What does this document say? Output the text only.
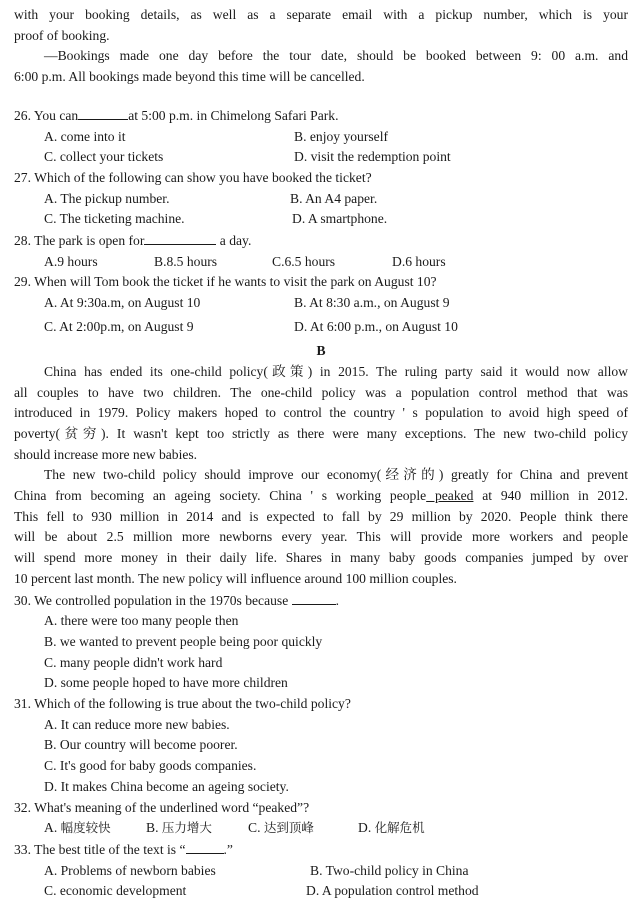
with your booking details, as well as a separate email with a pickup number, which is your
proof of booking.
—Bookings made one day before the tour date, should be booked between 9: 00 a.m. and
6:00 p.m. All bookings made beyond this time will be cancelled.
26. You can	at 5:00 p.m. in Chimelong Safari Park.
A. come into it	B. enjoy yourself
C. collect your tickets	D. visit the redemption point
27. Which of the following can show you have booked the ticket?
A. The pickup number.	B. An A4 paper.
C. The ticketing machine.	D. A smartphone.
28. The park is open for	a day.
A.9 hours	B.8.5 hours	C.6.5 hours	D.6 hours
29. When will Tom book the ticket if he wants to visit the park on August 10?
A. At 9:30a.m, on August 10	B. At 8:30 a.m., on August 9
C. At 2:00p.m, on August 9	D. At 6:00 p.m., on August 10
B
China has ended its one-child policy(政策) in 2015. The ruling party said it would now allow
all couples to have two children. The one-child policy was a population control method that was
introduced in 1979. Policy makers hoped to control the country ' s population to avoid high speed of
poverty(贫穷). It wasn't kept too strictly as there were many exceptions. The new two-child policy
should increase more new babies.
The new two-child policy should improve our economy(经济的) greatly for China and prevent
China from becoming an ageing society. China ' s working people peaked at 940 million in 2012.
This fell to 930 million in 2014 and is expected to fall by 29 million by 2020. People think there
will be about 2.5 million more newborns every year. This will provide more workers and people
will spend more money in their daily life. Shares in many baby goods companies jumped by over
10 percent last month. The new policy will influence around 100 million couples.
30. We controlled population in the 1970s because	.
A. there were too many people then
B. we wanted to prevent people being poor quickly
C. many people didn't work hard
D. some people hoped to have more children
31. Which of the following is true about the two-child policy?
A. It can reduce more new babies.
B. Our country will become poorer.
C. It's good for baby goods companies.
D. It makes China become an ageing society.
32. What's meaning of the underlined word “peaked”?
A. 幅度较快	B. 压力增大	C. 达到顶峰	D. 化解危机
33. The best title of the text is “	.”
A. Problems of newborn babies	B. Two-child policy in China
C. economic development	D. A population control method
